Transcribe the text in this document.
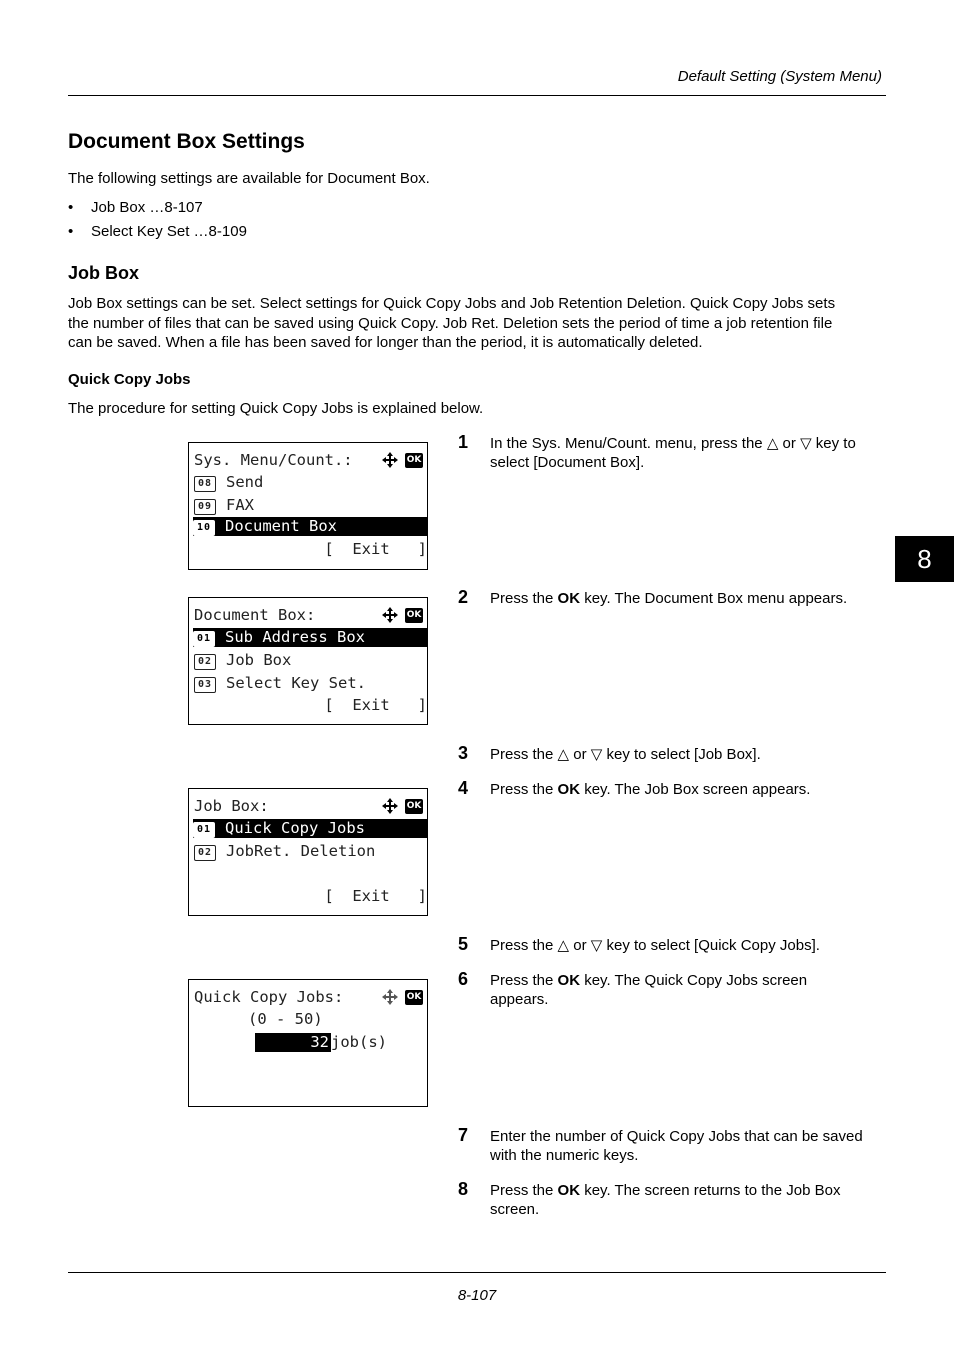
Default Setting (System Menu)
Document Box Settings
The following settings are available for Document Box.
• Job Box …8-107
• Select Key Set …8-109
Job Box
Job Box settings can be set. Select settings for Quick Copy Jobs and Job Retention Deletion. Quick Copy Jobs sets
the number of files that can be saved using Quick Copy. Job Ret. Deletion sets the period of time a job retention file
can be saved. When a file has been saved for longer than the period, it is automatically deleted.
Quick Copy Jobs
The procedure for setting Quick Copy Jobs is explained below.
8
Sys. Menu/Count.:	OK
08 Send
09 FAX
10 Document Box
[  Exit   ]
Document Box:	OK
01 Sub Address Box
02 Job Box
03 Select Key Set.
[  Exit   ]
Job Box:	OK
01 Quick Copy Jobs
02 JobRet. Deletion
[  Exit   ]
Quick Copy Jobs:	OK
(0 - 50)
32 job(s)
1 In the Sys. Menu/Count. menu, press the △ or ▽ key to
select [Document Box].
2 Press the OK key. The Document Box menu appears.
3 Press the △ or ▽ key to select [Job Box].
4 Press the OK key. The Job Box screen appears.
5 Press the △ or ▽ key to select [Quick Copy Jobs].
6 Press the OK key. The Quick Copy Jobs screen
appears.
7 Enter the number of Quick Copy Jobs that can be saved
with the numeric keys.
8 Press the OK key. The screen returns to the Job Box
screen.
8-107
